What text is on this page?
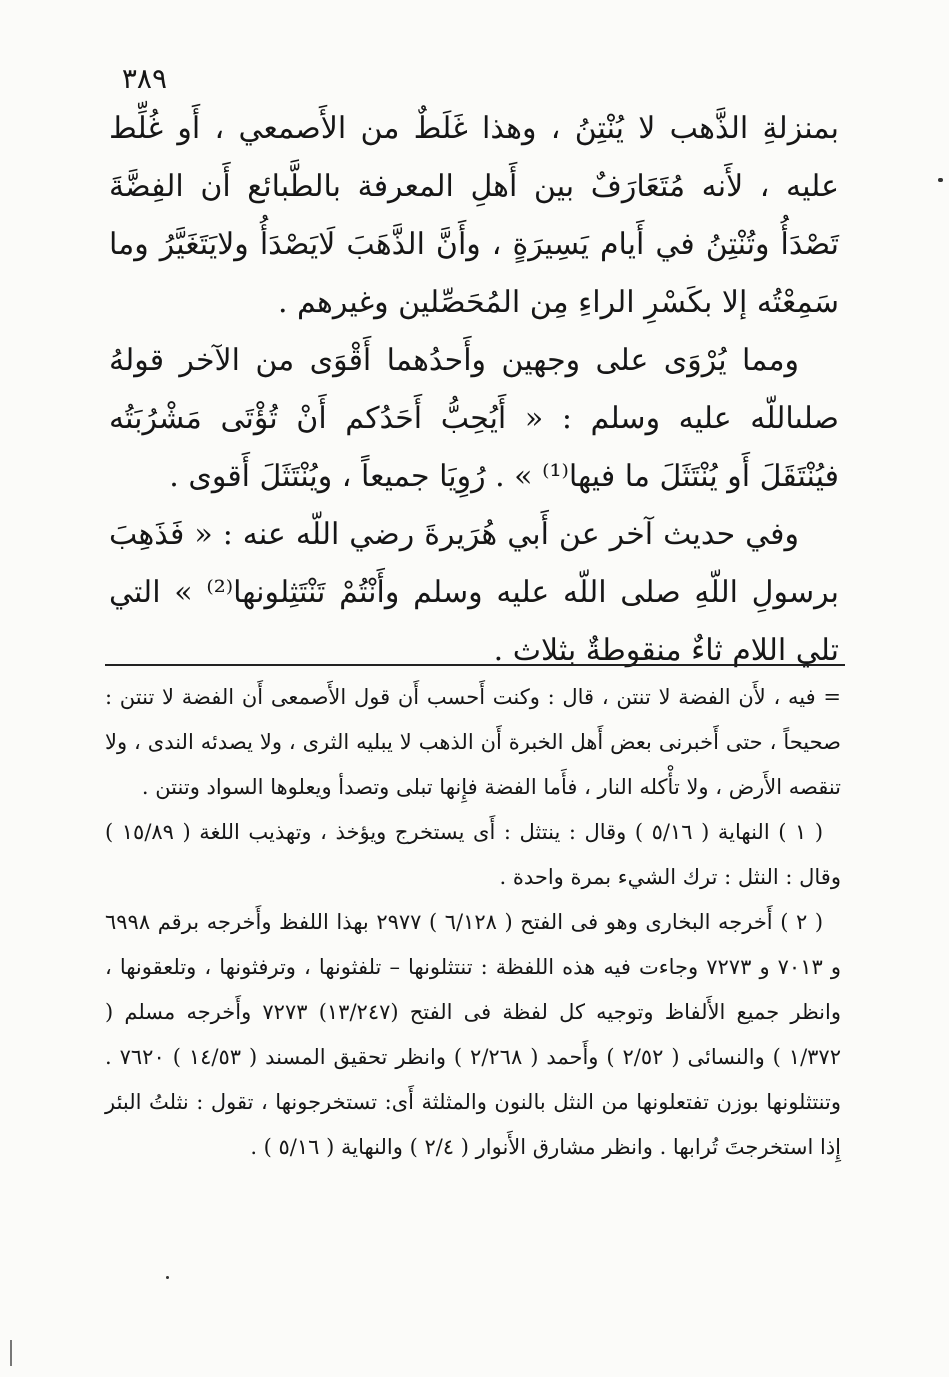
٣٨٩

بمنزلةِ الذَّهب لا يُنْتِنُ ، وهذا غَلَطٌ من الأَصمعي ، أَو غُلِّط عليه ، لأَنه مُتَعَارَفٌ بين أَهلِ المعرفة بالطَّبائع أَن الفِضَّةَ تَصْدَأُ وتُنْتِنُ في أَيام يَسِيرَةٍ ، وأَنَّ الذَّهَبَ لَايَصْدَأُ ولايَتَغَيَّرُ وما سَمِعْتُه إلا بكَسْرِ الراءِ مِن المُحَصِّلين وغيرهم .

ومما يُرْوَى على وجهين وأَحدُهما أَقْوَى من الآخر قولهُ صلىاللّه عليه وسلم : « أَيُحِبُّ أَحَدُكم أَنْ تُؤْتَى مَشْرُبَتُه فيُنْتَقَلَ أَو يُنْتَثَلَ ما فيها⁽¹⁾ » . رُوِيَا جميعاً ، ويُنْتَثَلَ أَقوى .

وفي حديث آخر عن أَبي هُرَيرةَ رضي اللّه عنه : « فَذَهِبَ برسولِ اللّهِ صلى اللّه عليه وسلم وأَنْتُمْ تَنْتَثِلونها⁽²⁾ » التي تلي اللام ثاءٌ منقوطةٌ بثلاث .

= فيه ، لأَن الفضة لا تنتن ، قال : وكنت أَحسب أَن قول الأَصمعى أَن الفضة لا تنتن : صحيحاً ، حتى أَخبرنى بعض أَهل الخبرة أَن الذهب لا يبليه الثرى ، ولا يصدئه الندى ، ولا تنقصه الأَرض ، ولا تأْكله النار ، فأَما الفضة فإِنها تبلى وتصدأ ويعلوها السواد وتنتن .

( ١ ) النهاية ( ٥/١٦ ) وقال : ينتثل : أَى يستخرج ويؤخذ ، وتهذيب اللغة ( ١٥/٨٩ ) وقال : النثل : ترك الشيء بمرة واحدة .

( ٢ ) أَخرجه البخارى وهو فى الفتح ( ٦/١٢٨ ) ٢٩٧٧ بهذا اللفظ وأَخرجه برقم ٦٩٩٨ و ٧٠١٣ و ٧٢٧٣ وجاءت فيه هذه اللفظة : تنتثلونها – تلفثونها ، وترفثونها ، وتلعقونها ، وانظر جميع الأَلفاظ وتوجيه كل لفظة فى الفتح (١٣/٢٤٧) ٧٢٧٣ وأَخرجه مسلم ( ١/٣٧٢ ) والنسائى ( ٢/٥٢ ) وأَحمد ( ٢/٢٦٨ ) وانظر تحقيق المسند ( ١٤/٥٣ ) ٧٦٢٠ . وتنتثلونها بوزن تفتعلونها من النثل بالنون والمثلثة أَى: تستخرجونها ، تقول : نثلتُ البئر إِذا استخرجتَ تُرابها . وانظر مشارق الأَنوار ( ٢/٤ ) والنهاية ( ٥/١٦ ) .
